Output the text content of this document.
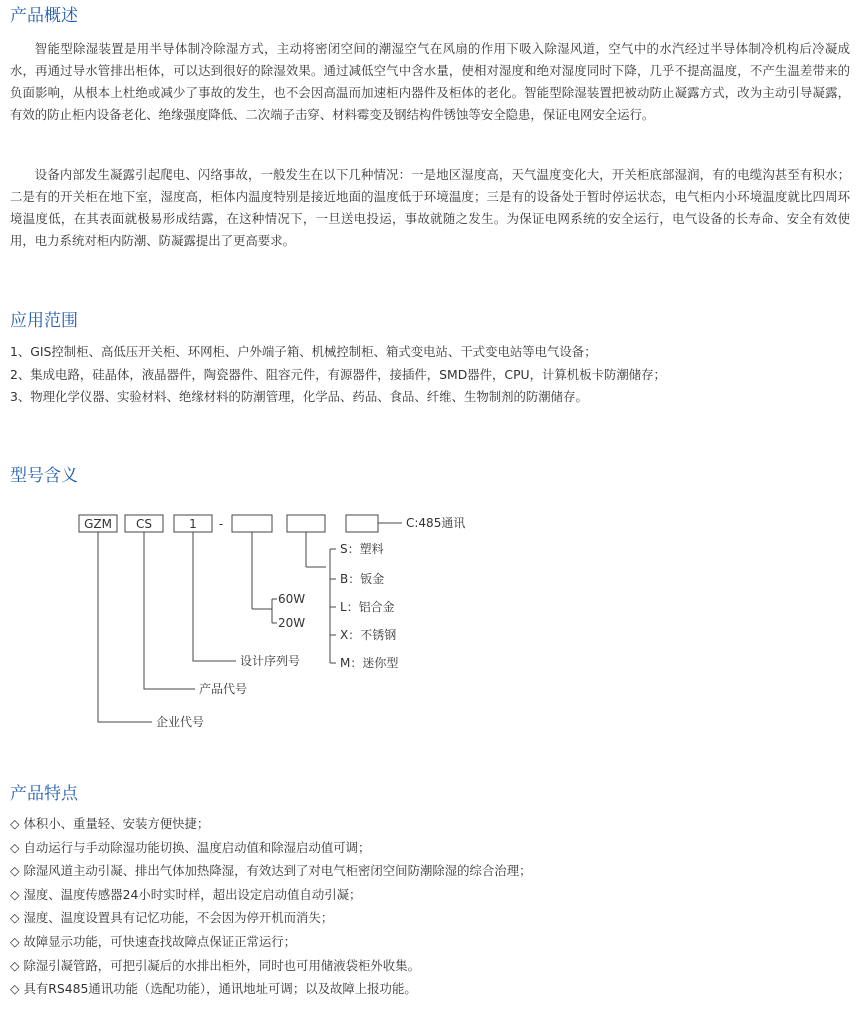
产品概述

智能型除湿装置是用半导体制冷除湿方式，主动将密闭空间的潮湿空气在风扇的作用下吸入除湿风道，空气中的水汽经过半导体制冷机构后冷凝成水，再通过导水管排出柜体，可以达到很好的除湿效果。通过减低空气中含水量，使相对湿度和绝对湿度同时下降，几乎不提高温度，不产生温差带来的负面影响，从根本上杜绝或减少了事故的发生，也不会因高温而加速柜内器件及柜体的老化。智能型除湿装置把被动防止凝露方式，改为主动引导凝露，有效的防止柜内设备老化、绝缘强度降低、二次端子击穿、材料霉变及钢结构件锈蚀等安全隐患，保证电网安全运行。

设备内部发生凝露引起爬电、闪络事故，一般发生在以下几种情况：一是地区湿度高，天气温度变化大，开关柜底部湿润，有的电缆沟甚至有积水；二是有的开关柜在地下室，湿度高，柜体内温度特别是接近地面的温度低于环境温度；三是有的设备处于暂时停运状态，电气柜内小环境温度就比四周环境温度低，在其表面就极易形成结露，在这种情况下，一旦送电投运，事故就随之发生。为保证电网系统的安全运行，电气设备的长寿命、安全有效使用，电力系统对柜内防潮、防凝露提出了更高要求。

应用范围
1、GIS控制柜、高低压开关柜、环网柜、户外端子箱、机械控制柜、箱式变电站、干式变电站等电气设备；
2、集成电路，硅晶体，液晶器件，陶瓷器件、阻容元件，有源器件，接插件，SMD器件，CPU，计算机板卡防潮储存；
3、物理化学仪器、实验材料、绝缘材料的防潮管理，化学品、药品、食品、纤维、生物制剂的防潮储存。
型号含义
GZM CS	1 -	C:485通讯
S：塑料
B：钣金
L：铝合金
X：不锈钢
M：迷你型
60W
20W
设计序列号
产品代号
企业代号
产品特点
◇ 体积小、重量轻、安装方便快捷；
◇ 自动运行与手动除湿功能切换、温度启动值和除湿启动值可调；
◇ 除湿风道主动引凝、排出气体加热降湿，有效达到了对电气柜密闭空间防潮除湿的综合治理；
◇ 湿度、温度传感器24小时实时样，超出设定启动值自动引凝；
◇ 湿度、温度设置具有记忆功能，不会因为停开机而消失；
◇ 故障显示功能，可快速查找故障点保证正常运行；
◇ 除湿引凝管路，可把引凝后的水排出柜外，同时也可用储液袋柜外收集。
◇ 具有RS485通讯功能（选配功能），通讯地址可调；以及故障上报功能。
